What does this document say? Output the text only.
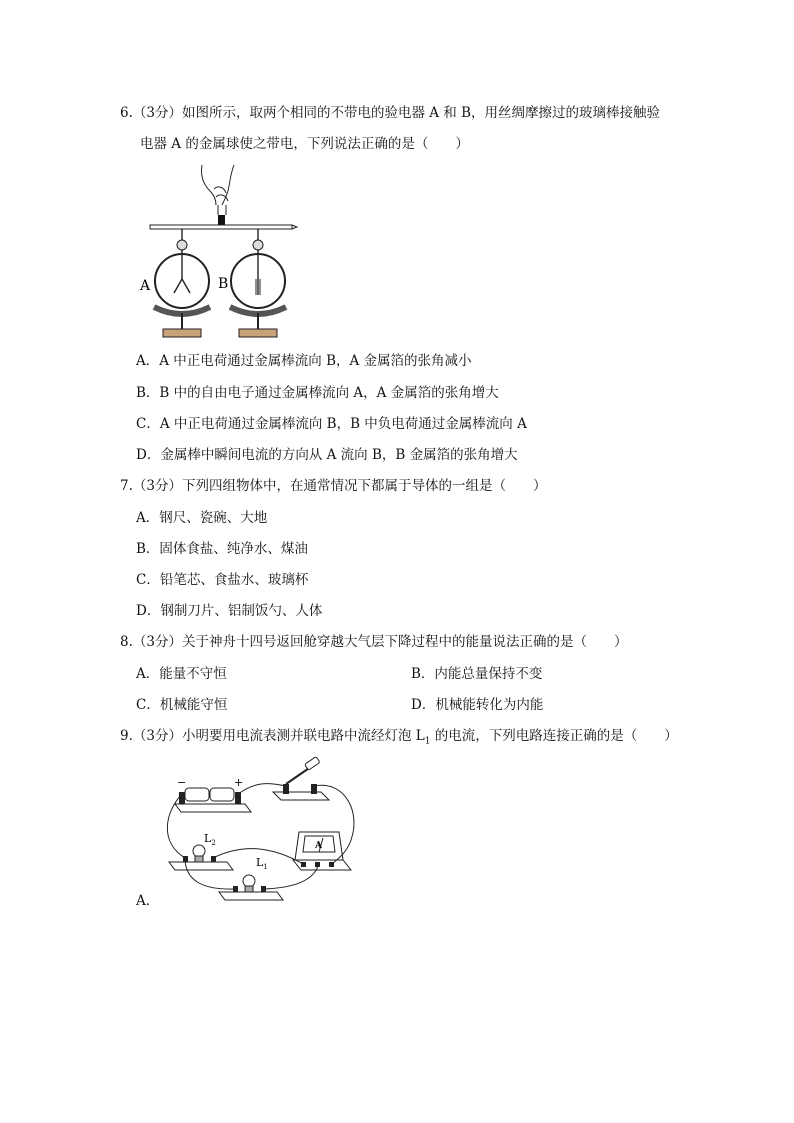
6.（3分）如图所示，取两个相同的不带电的验电器 A 和 B，用丝绸摩擦过的玻璃棒接触验
电器 A 的金属球使之带电，下列说法正确的是（　　）
A	B
A．A 中正电荷通过金属棒流向 B，A 金属箔的张角减小
B．B 中的自由电子通过金属棒流向 A，A 金属箔的张角增大
C．A 中正电荷通过金属棒流向 B，B 中负电荷通过金属棒流向 A
D．金属棒中瞬间电流的方向从 A 流向 B，B 金属箔的张角增大
7.（3分）下列四组物体中，在通常情况下都属于导体的一组是（　　）
A．钢尺、瓷碗、大地
B．固体食盐、纯净水、煤油
C．铅笔芯、食盐水、玻璃杯
D．钢制刀片、铝制饭勺、人体
8.（3分）关于神舟十四号返回舱穿越大气层下降过程中的能量说法正确的是（　　）
A．能量不守恒	B．内能总量保持不变
C．机械能守恒	D．机械能转化为内能
9.（3分）小明要用电流表测并联电路中流经灯泡 $L_1$ 的电流，下列电路连接正确的是（　　）
−	+
$L_2$
$L_1$
A
A．
